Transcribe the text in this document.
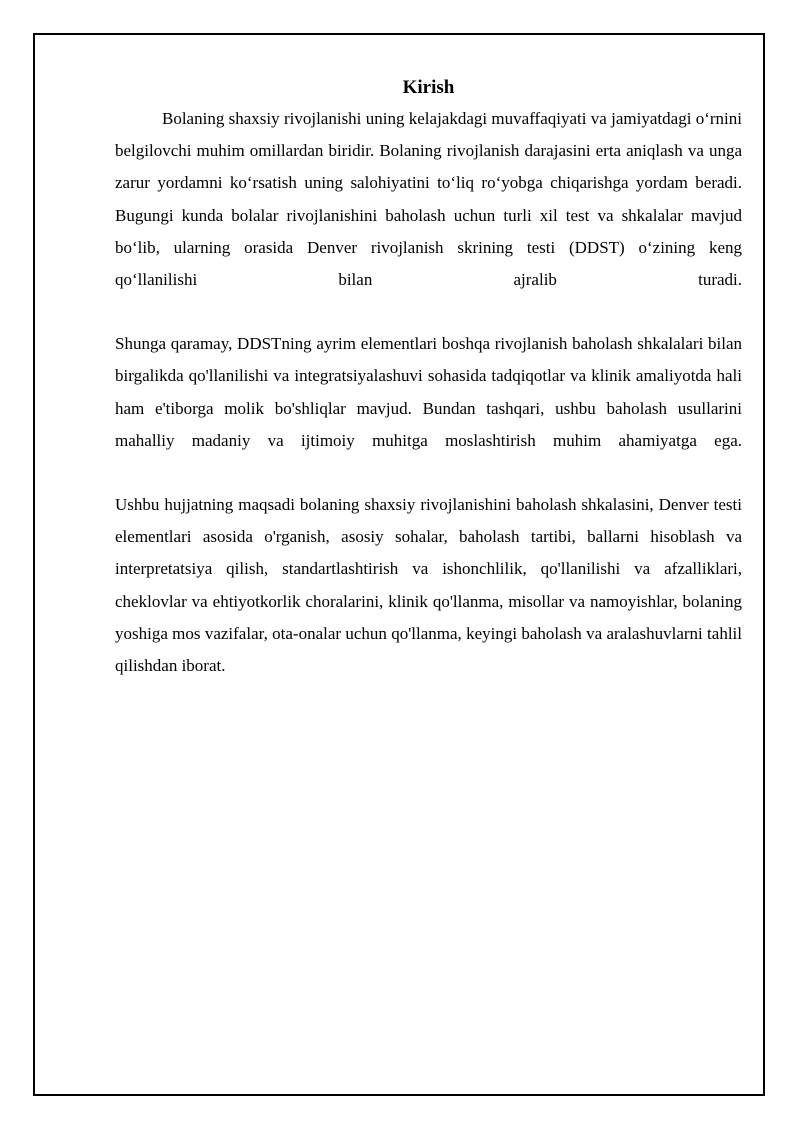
Kirish

Bolaning shaxsiy rivojlanishi uning kelajakdagi muvaffaqiyati va jamiyatdagi o‘rnini belgilovchi muhim omillardan biridir. Bolaning rivojlanish darajasini erta aniqlash va unga zarur yordamni ko‘rsatish uning salohiyatini to‘liq ro‘yobga chiqarishga yordam beradi. Bugungi kunda bolalar rivojlanishini baholash uchun turli xil test va shkalalar mavjud bo‘lib, ularning orasida Denver rivojlanish skrining testi (DDST) o‘zining keng qo‘llanilishi bilan ajralib turadi.

Shunga qaramay, DDSTning ayrim elementlari boshqa rivojlanish baholash shkalalari bilan birgalikda qo'llanilishi va integratsiyalashuvi sohasida tadqiqotlar va klinik amaliyotda hali ham e'tiborga molik bo'shliqlar mavjud. Bundan tashqari, ushbu baholash usullarini mahalliy madaniy va ijtimoiy muhitga moslashtirish muhim ahamiyatga ega.

Ushbu hujjatning maqsadi bolaning shaxsiy rivojlanishini baholash shkalasini, Denver testi elementlari asosida o'rganish, asosiy sohalar, baholash tartibi, ballarni hisoblash va interpretatsiya qilish, standartlashtirish va ishonchlilik, qo'llanilishi va afzalliklari, cheklovlar va ehtiyotkorlik choralarini, klinik qo'llanma, misollar va namoyishlar, bolaning yoshiga mos vazifalar, ota-onalar uchun qo'llanma, keyingi baholash va aralashuvlarni tahlil qilishdan iborat.
